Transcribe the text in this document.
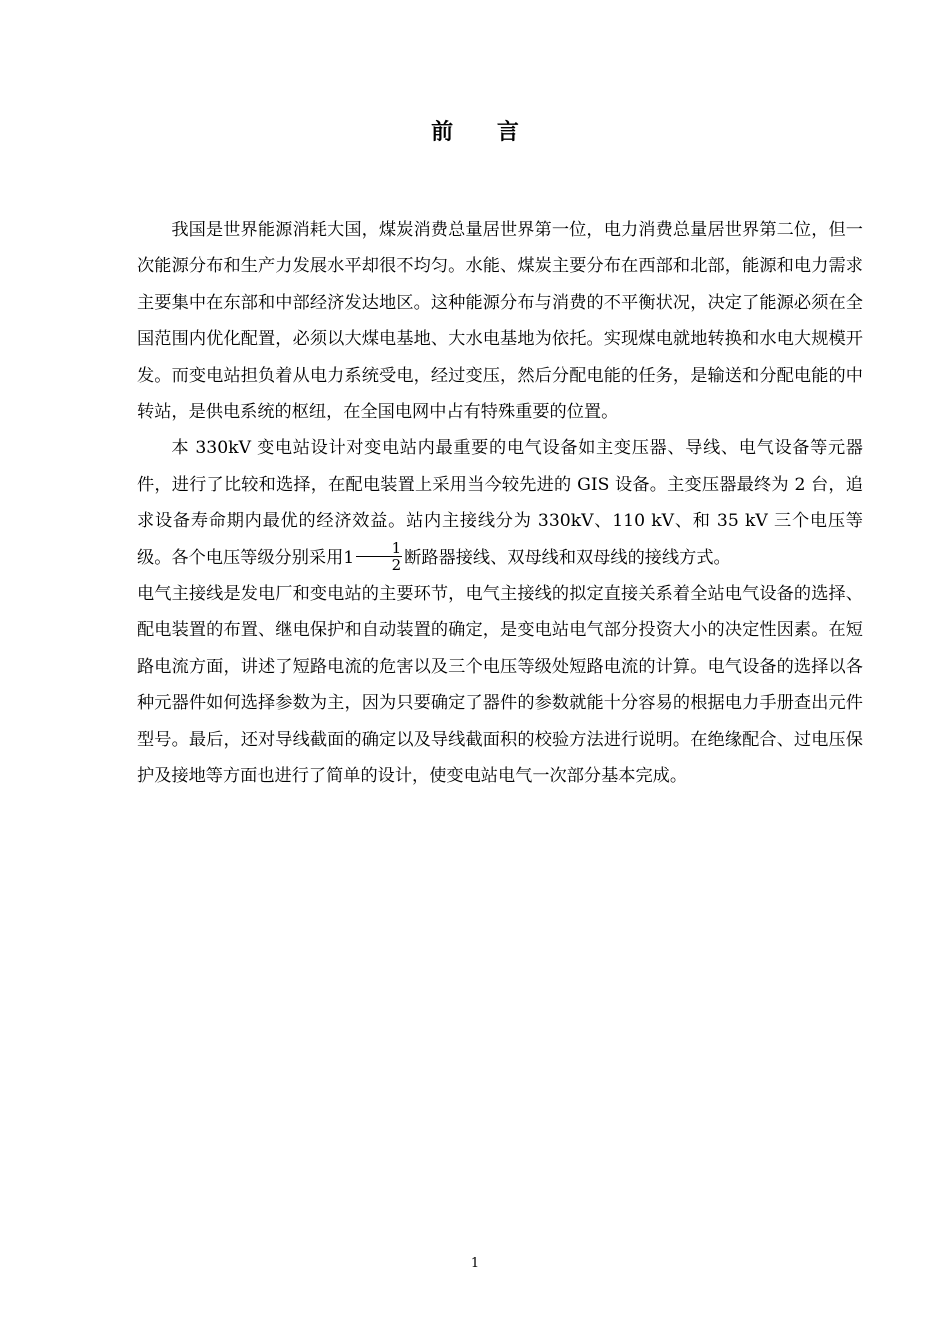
前 言

我国是世界能源消耗大国，煤炭消费总量居世界第一位，电力消费总量居世界第二位，但一次能源分布和生产力发展水平却很不均匀。水能、煤炭主要分布在西部和北部，能源和电力需求主要集中在东部和中部经济发达地区。这种能源分布与消费的不平衡状况，决定了能源必须在全国范围内优化配置，必须以大煤电基地、大水电基地为依托。实现煤电就地转换和水电大规模开发。而变电站担负着从电力系统受电，经过变压，然后分配电能的任务，是输送和分配电能的中转站，是供电系统的枢纽，在全国电网中占有特殊重要的位置。

本 330kV 变电站设计对变电站内最重要的电气设备如主变压器、导线、电气设备等元器件，进行了比较和选择，在配电装置上采用当今较先进的 GIS 设备。主变压器最终为 2 台，追求设备寿命期内最优的经济效益。站内主接线分为 330kV、110 kV、和 35 kV 三个电压等级。各个电压等级分别采用$1 \frac{1}{2}$ 断路器接线、双母线和双母线的接线方式。

电气主接线是发电厂和变电站的主要环节，电气主接线的拟定直接关系着全站电气设备的选择、配电装置的布置、继电保护和自动装置的确定，是变电站电气部分投资大小的决定性因素。在短路电流方面，讲述了短路电流的危害以及三个电压等级处短路电流的计算。电气设备的选择以各种元器件如何选择参数为主，因为只要确定了器件的参数就能十分容易的根据电力手册查出元件型号。最后，还对导线截面的确定以及导线截面积的校验方法进行说明。在绝缘配合、过电压保护及接地等方面也进行了简单的设计，使变电站电气一次部分基本完成。

1
